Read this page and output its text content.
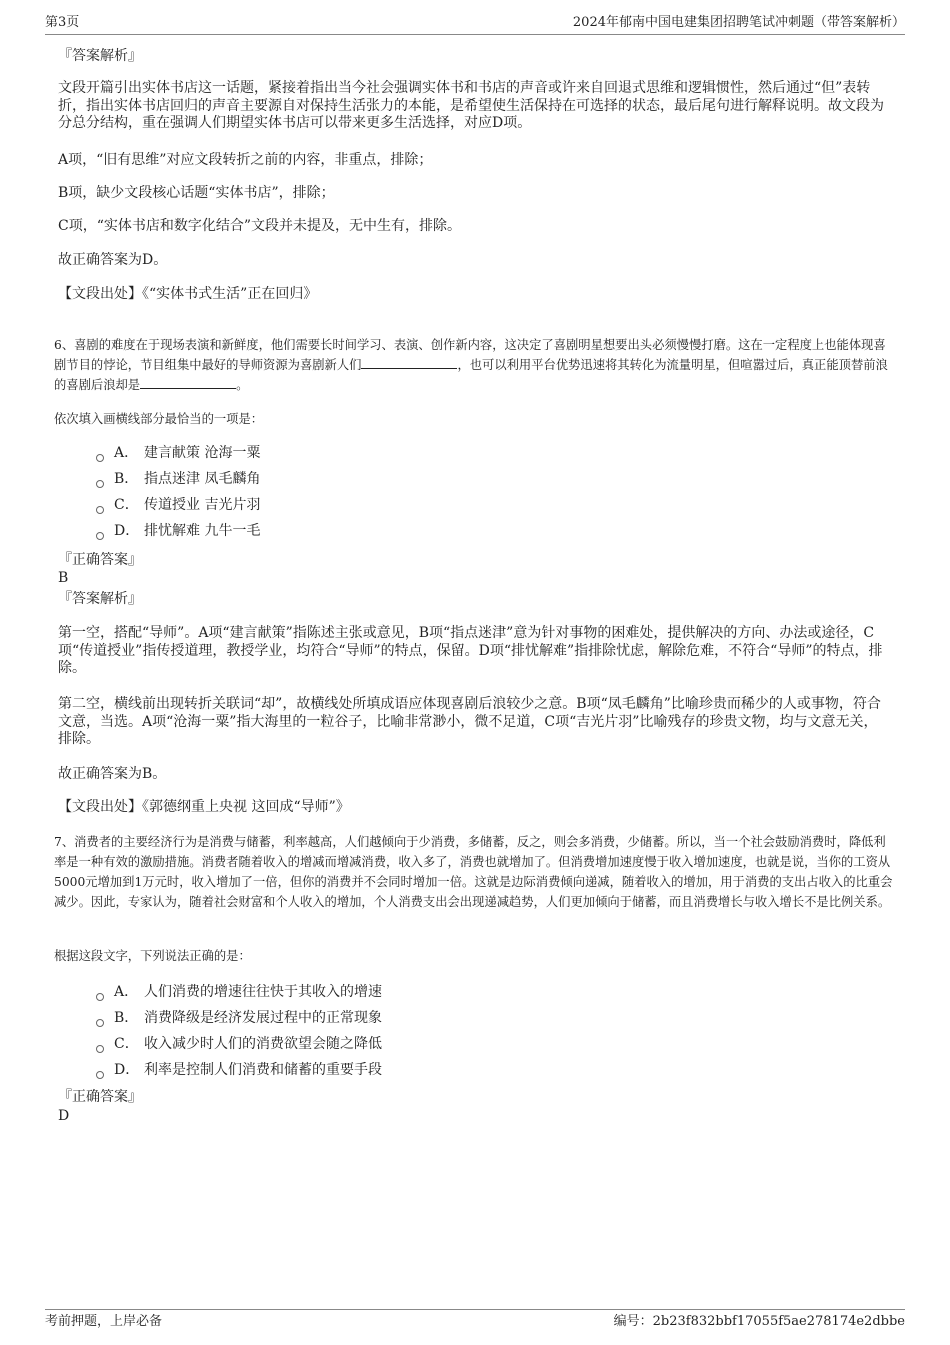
第3页	2024年郁南中国电建集团招聘笔试冲刺题（带答案解析）
『答案解析』

文段开篇引出实体书店这一话题，紧接着指出当今社会强调实体书和书店的声音或许来自回退式思维和逻辑惯性，然后通过“但”表转折，指出实体书店回归的声音主要源自对保持生活张力的本能，是希望使生活保持在可选择的状态，最后尾句进行解释说明。故文段为分总分结构，重在强调人们期望实体书店可以带来更多生活选择，对应D项。

A项，“旧有思维”对应文段转折之前的内容，非重点，排除；
B项，缺少文段核心话题“实体书店”，排除；
C项，“实体书店和数字化结合”文段并未提及，无中生有，排除。
故正确答案为D。
【文段出处】《“实体书式生活”正在回归》

6、喜剧的难度在于现场表演和新鲜度，他们需要长时间学习、表演、创作新内容，这决定了喜剧明星想要出头必须慢慢打磨。这在一定程度上也能体现喜剧节目的悖论，节目组集中最好的导师资源为喜剧新人们	，也可以利用平台优势迅速将其转化为流量明星，但喧嚣过后，真正能顶替前浪的喜剧后浪却是	。

依次填入画横线部分最恰当的一项是：
A． 建言献策 沧海一粟
B． 指点迷津 凤毛麟角
C． 传道授业 吉光片羽
D． 排忧解难 九牛一毛
『正确答案』
B
『答案解析』

第一空，搭配“导师”。A项“建言献策”指陈述主张或意见，B项“指点迷津”意为针对事物的困难处，提供解决的方向、办法或途径，C项“传道授业”指传授道理，教授学业，均符合“导师”的特点，保留。D项“排忧解难”指排除忧虑，解除危难，不符合“导师”的特点，排除。

第二空，横线前出现转折关联词“却”，故横线处所填成语应体现喜剧后浪较少之意。B项“凤毛麟角”比喻珍贵而稀少的人或事物，符合文意，当选。A项“沧海一粟”指大海里的一粒谷子，比喻非常渺小，微不足道，C项“吉光片羽”比喻残存的珍贵文物，均与文意无关，排除。

故正确答案为B。
【文段出处】《郭德纲重上央视 这回成“导师”》

7、消费者的主要经济行为是消费与储蓄，利率越高，人们越倾向于少消费，多储蓄，反之，则会多消费，少储蓄。所以，当一个社会鼓励消费时，降低利率是一种有效的激励措施。消费者随着收入的增减而增减消费，收入多了，消费也就增加了。但消费增加速度慢于收入增加速度，也就是说，当你的工资从5000元增加到1万元时，收入增加了一倍，但你的消费并不会同时增加一倍。这就是边际消费倾向递减，随着收入的增加，用于消费的支出占收入的比重会减少。因此，专家认为，随着社会财富和个人收入的增加，个人消费支出会出现递减趋势，人们更加倾向于储蓄，而且消费增长与收入增长不是比例关系。

根据这段文字，下列说法正确的是：
A． 人们消费的增速往往快于其收入的增速
B． 消费降级是经济发展过程中的正常现象
C． 收入减少时人们的消费欲望会随之降低
D． 利率是控制人们消费和储蓄的重要手段
『正确答案』
D
考前押题，上岸必备	编号：2b23f832bbf17055f5ae278174e2dbbe
